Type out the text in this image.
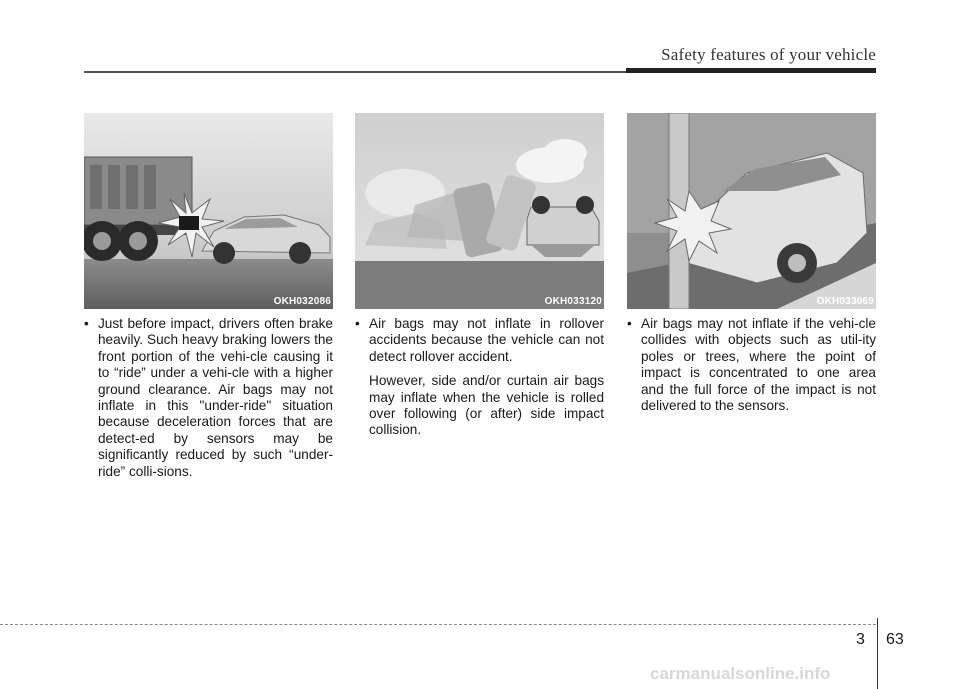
Safety features of your vehicle
OKH032086	OKH033120	OKH033069

• Just before impact, drivers often brake heavily. Such heavy braking lowers the front portion of the vehi-cle causing it to “ride” under a vehi-cle with a higher ground clearance. Air bags may not inflate in this "under-ride" situation because deceleration forces that are detect-ed by sensors may be significantly reduced by such “under-ride” colli-sions.

• Air bags may not inflate in rollover accidents because the vehicle can not detect rollover accident.

However, side and/or curtain air bags may inflate when the vehicle is rolled over following (or after) side impact collision.

• Air bags may not inflate if the vehi-cle collides with objects such as util-ity poles or trees, where the point of impact is concentrated to one area and the full force of the impact is not delivered to the sensors.

3 63
carmanualsonline.info
